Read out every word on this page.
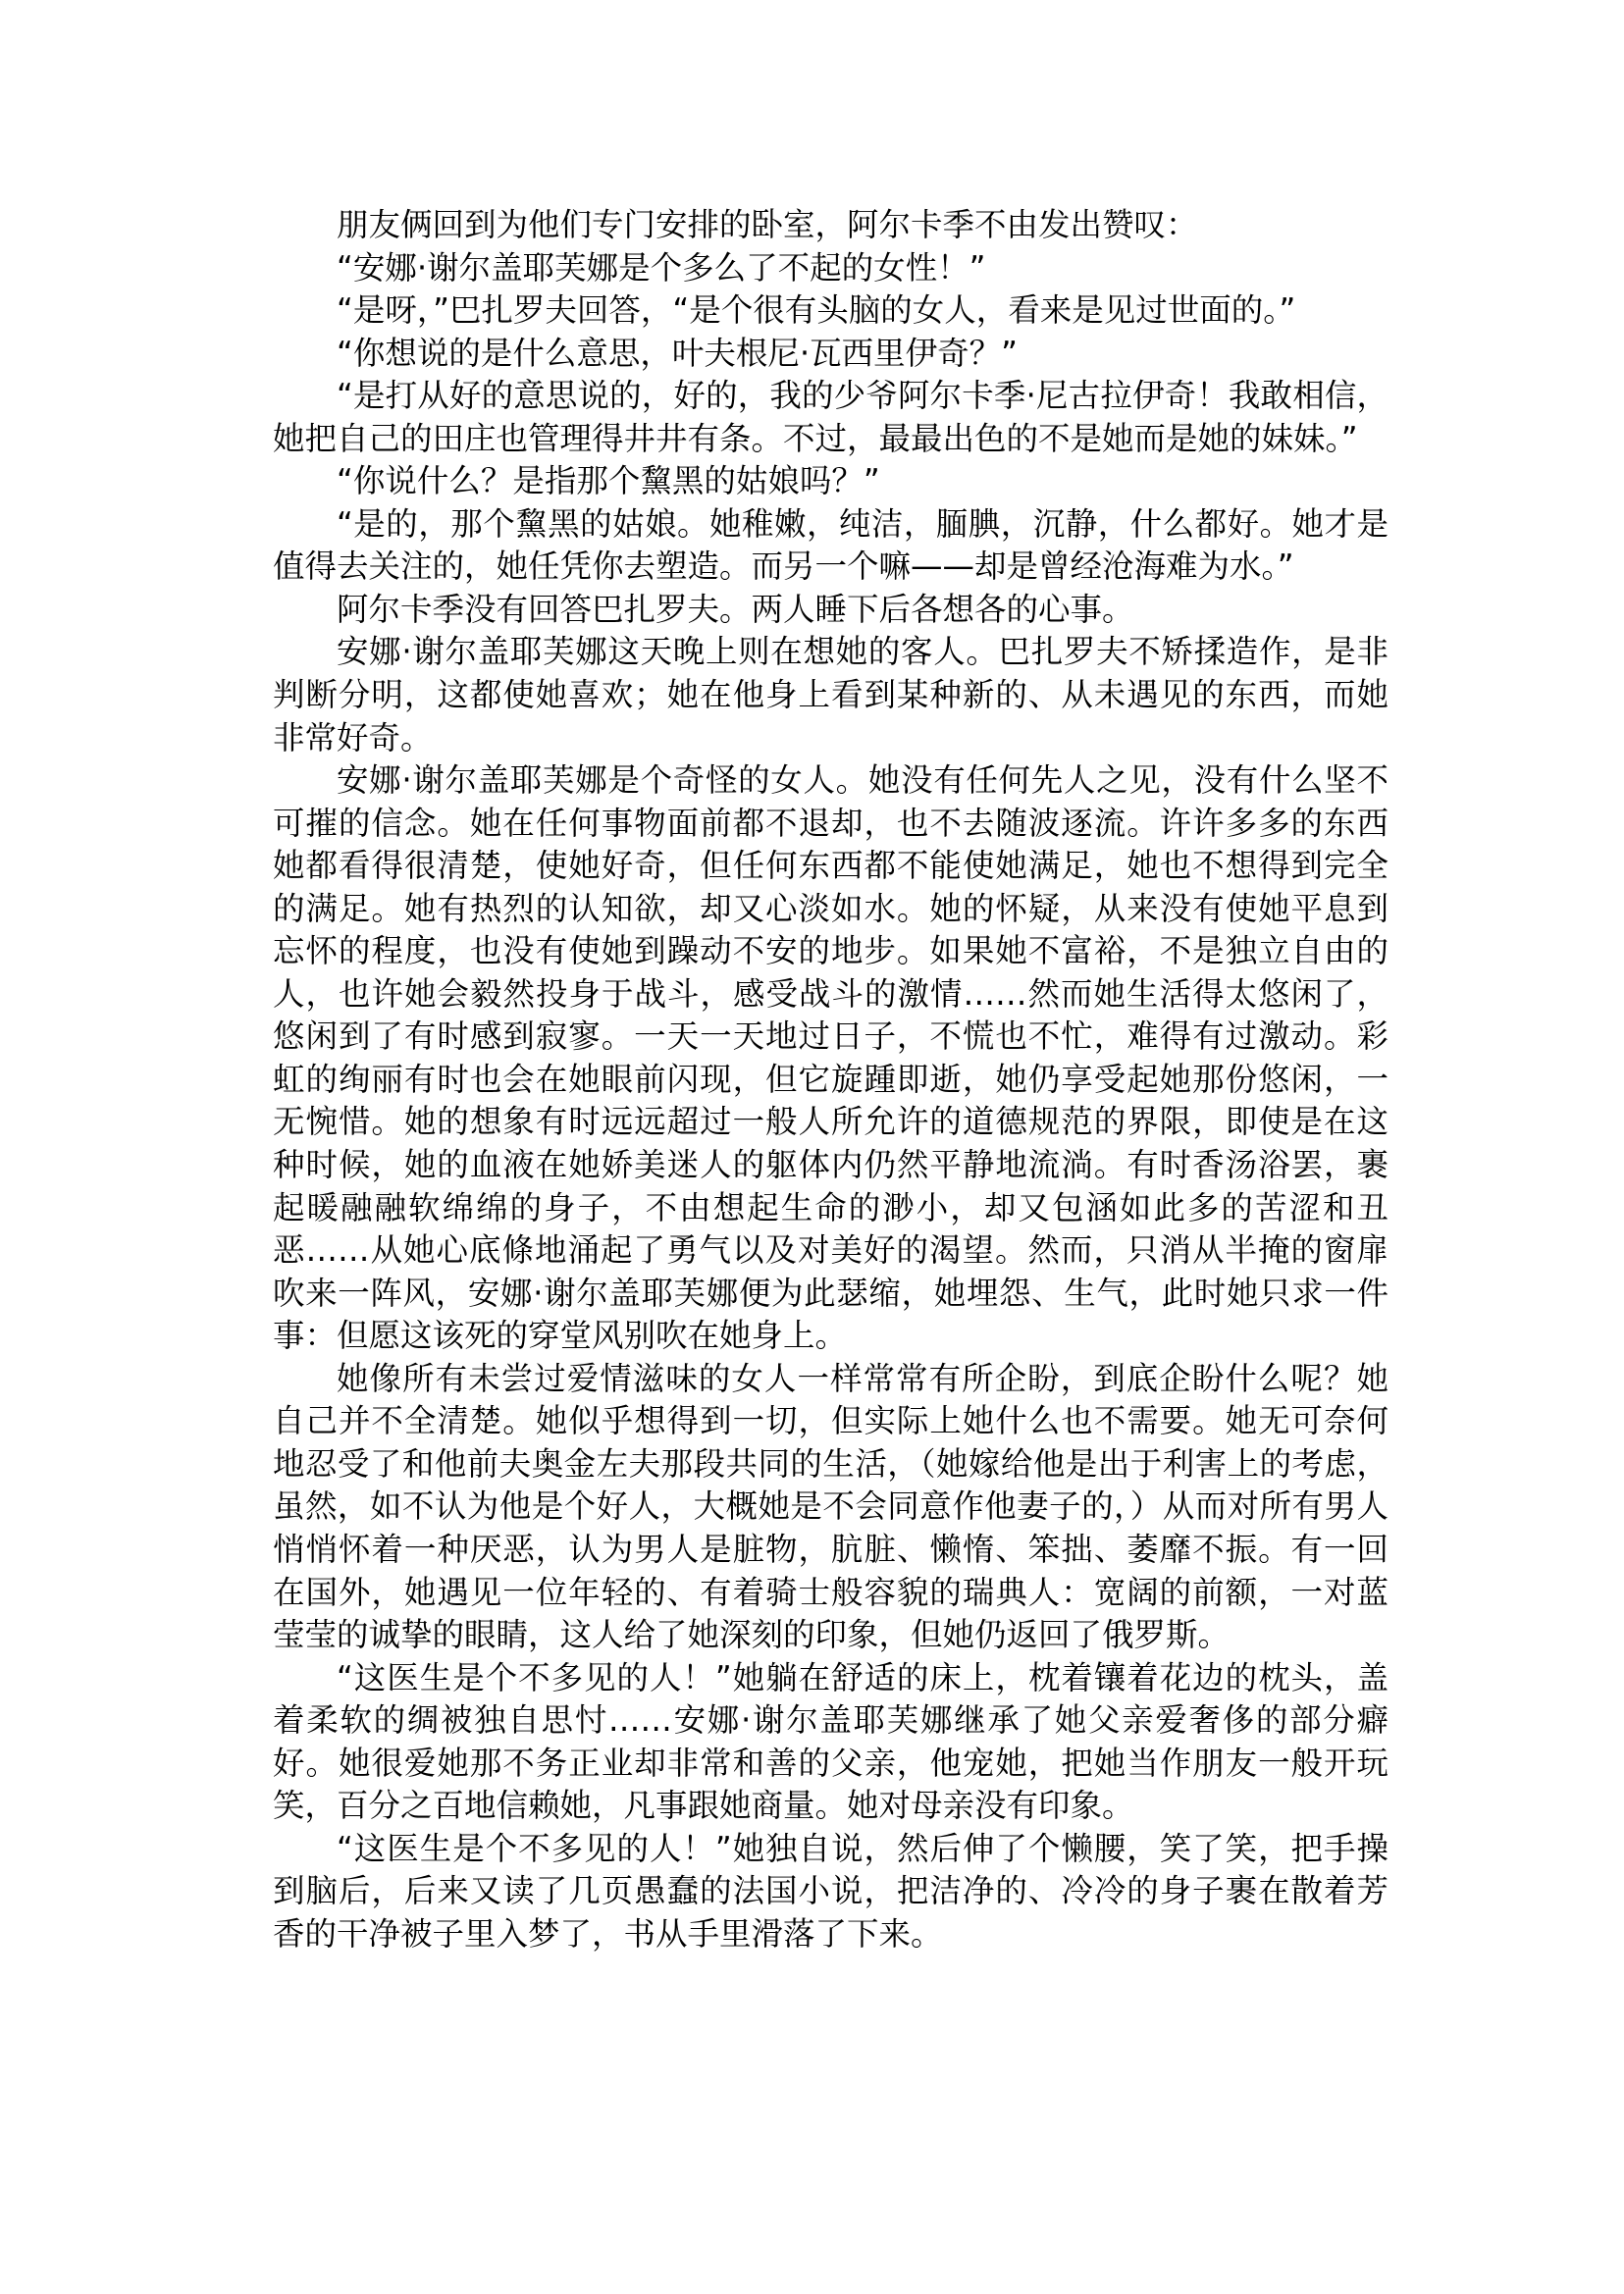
朋友俩回到为他们专门安排的卧室，阿尔卡季不由发出赞叹：

“安娜·谢尔盖耶芙娜是个多么了不起的女性！”

“是呀，”巴扎罗夫回答，“是个很有头脑的女人，看来是见过世面的。”

“你想说的是什么意思，叶夫根尼·瓦西里伊奇？”

“是打从好的意思说的，好的，我的少爷阿尔卡季·尼古拉伊奇！我敢相信，她把自己的田庄也管理得井井有条。不过，最最出色的不是她而是她的妹妹。”

“你说什么？是指那个黧黑的姑娘吗？”

“是的，那个黧黑的姑娘。她稚嫩，纯洁，腼腆，沉静，什么都好。她才是值得去关注的，她任凭你去塑造。而另一个嘛——却是曾经沧海难为水。”

阿尔卡季没有回答巴扎罗夫。两人睡下后各想各的心事。

安娜·谢尔盖耶芙娜这天晚上则在想她的客人。巴扎罗夫不矫揉造作，是非判断分明，这都使她喜欢；她在他身上看到某种新的、从未遇见的东西，而她非常好奇。

安娜·谢尔盖耶芙娜是个奇怪的女人。她没有任何先人之见，没有什么坚不可摧的信念。她在任何事物面前都不退却，也不去随波逐流。许许多多的东西她都看得很清楚，使她好奇，但任何东西都不能使她满足，她也不想得到完全的满足。她有热烈的认知欲，却又心淡如水。她的怀疑，从来没有使她平息到忘怀的程度，也没有使她到躁动不安的地步。如果她不富裕，不是独立自由的人，也许她会毅然投身于战斗，感受战斗的激情……然而她生活得太悠闲了，悠闲到了有时感到寂寥。一天一天地过日子，不慌也不忙，难得有过激动。彩虹的绚丽有时也会在她眼前闪现，但它旋踵即逝，她仍享受起她那份悠闲，一无惋惜。她的想象有时远远超过一般人所允许的道德规范的界限，即使是在这种时候，她的血液在她娇美迷人的躯体内仍然平静地流淌。有时香汤浴罢，裹起暖融融软绵绵的身子，不由想起生命的渺小，却又包涵如此多的苦涩和丑恶……从她心底條地涌起了勇气以及对美好的渴望。然而，只消从半掩的窗扉吹来一阵风，安娜·谢尔盖耶芙娜便为此瑟缩，她埋怨、生气，此时她只求一件事：但愿这该死的穿堂风别吹在她身上。

她像所有未尝过爱情滋味的女人一样常常有所企盼，到底企盼什么呢？她自己并不全清楚。她似乎想得到一切，但实际上她什么也不需要。她无可奈何地忍受了和他前夫奥金左夫那段共同的生活，（她嫁给他是出于利害上的考虑，虽然，如不认为他是个好人，大概她是不会同意作他妻子的，）从而对所有男人悄悄怀着一种厌恶，认为男人是脏物，肮脏、懒惰、笨拙、萎靡不振。有一回在国外，她遇见一位年轻的、有着骑士般容貌的瑞典人：宽阔的前额，一对蓝莹莹的诚挚的眼睛，这人给了她深刻的印象，但她仍返回了俄罗斯。

“这医生是个不多见的人！”她躺在舒适的床上，枕着镶着花边的枕头，盖着柔软的绸被独自思忖……安娜·谢尔盖耶芙娜继承了她父亲爱奢侈的部分癖好。她很爱她那不务正业却非常和善的父亲，他宠她，把她当作朋友一般开玩笑，百分之百地信赖她，凡事跟她商量。她对母亲没有印象。

“这医生是个不多见的人！”她独自说，然后伸了个懒腰，笑了笑，把手操到脑后，后来又读了几页愚蠢的法国小说，把洁净的、冷冷的身子裹在散着芳香的干净被子里入梦了，书从手里滑落了下来。
